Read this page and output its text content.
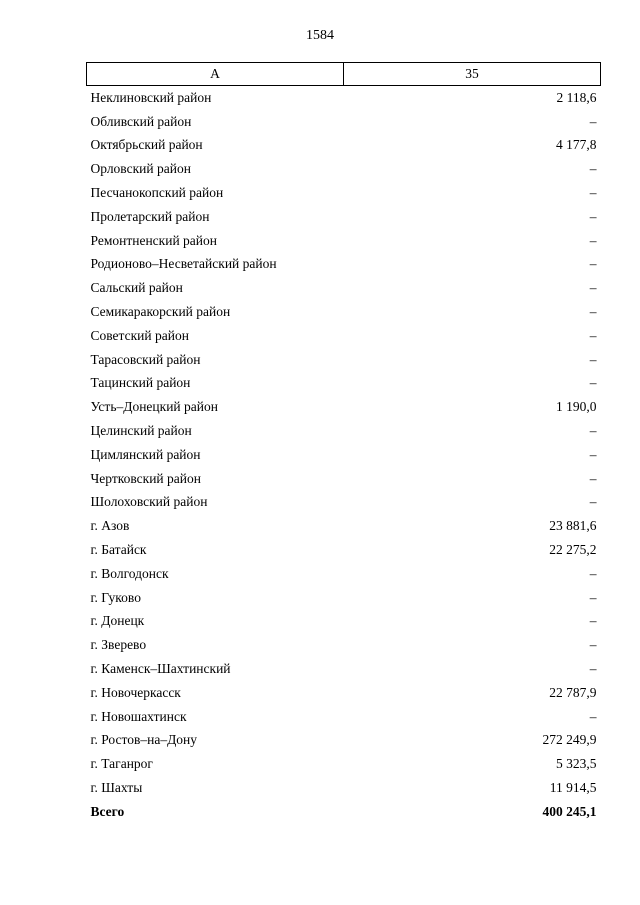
1584
А	35
Неклиновский район	2 118,6
Обливский район	–
Октябрьский район	4 177,8
Орловский район	–
Песчанокопский район	–
Пролетарский район	–
Ремонтненский район	–
Родионово–Несветайский район	–
Сальский район	–
Семикаракорский район	–
Советский район	–
Тарасовский район	–
Тацинский район	–
Усть–Донецкий район	1 190,0
Целинский район	–
Цимлянский район	–
Чертковский район	–
Шолоховский район	–
г. Азов	23 881,6
г. Батайск	22 275,2
г. Волгодонск	–
г. Гуково	–
г. Донецк	–
г. Зверево	–
г. Каменск–Шахтинский	–
г. Новочеркасск	22 787,9
г. Новошахтинск	–
г. Ростов–на–Дону	272 249,9
г. Таганрог	5 323,5
г. Шахты	11 914,5
Всего	400 245,1
